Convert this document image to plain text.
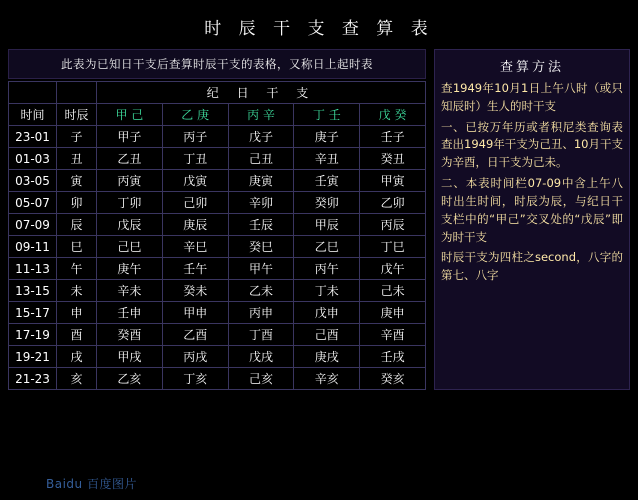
时 辰 干 支 查 算 表
此表为已知日干支后查算时辰干支的表格，又称日上起时表
		纪 日 干 支				
时间	时辰	甲 己	乙 庚	丙 辛	丁 壬	戊 癸
23-01	子	甲子	丙子	戊子	庚子	壬子
01-03	丑	乙丑	丁丑	己丑	辛丑	癸丑
03-05	寅	丙寅	戊寅	庚寅	壬寅	甲寅
05-07	卯	丁卯	己卯	辛卯	癸卯	乙卯
07-09	辰	戊辰	庚辰	壬辰	甲辰	丙辰
09-11	巳	己巳	辛巳	癸巳	乙巳	丁巳
11-13	午	庚午	壬午	甲午	丙午	戊午
13-15	未	辛未	癸未	乙未	丁未	己未
15-17	申	壬申	甲申	丙申	戊申	庚申
17-19	酉	癸酉	乙酉	丁酉	己酉	辛酉
19-21	戌	甲戌	丙戌	戊戌	庚戌	壬戌
21-23	亥	乙亥	丁亥	己亥	辛亥	癸亥
查算方法

查1949年10月1日上午八时（或只知辰时）生人的时干支

一、已按万年历或者积尼类查询表查出1949年干支为己丑、10月干支为辛酉，日干支为己未。

二、本表时间栏07-09中含上午八时出生时间，时辰为辰，与纪日干支栏中的“甲己”交叉处的“戊辰”即为时干支

时辰干支为四柱之second，八字的第七、八字

Baidu 百度图片
